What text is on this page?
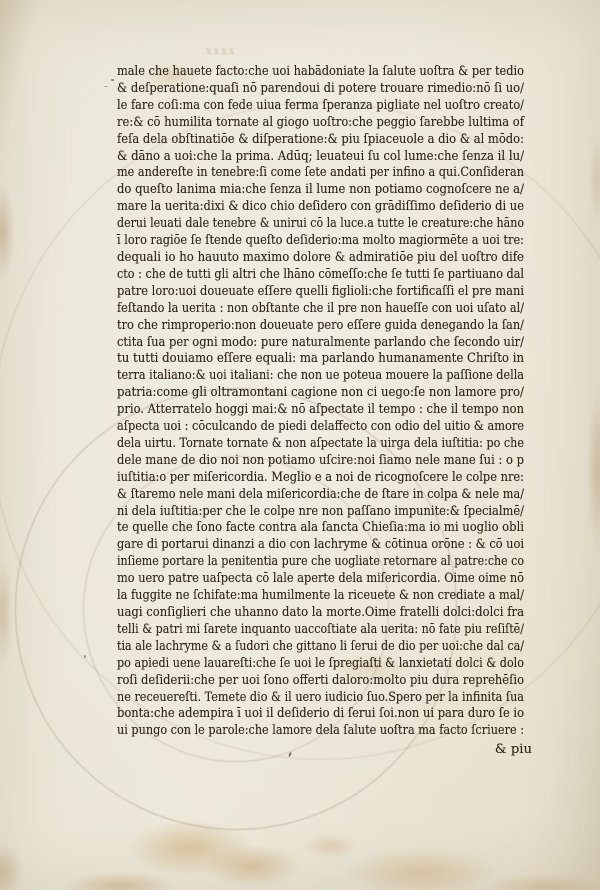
xxxx
male che hauete facto:che uoi habādoniate la ſalute uoſtra & per tedio
& deſperatione:quaſi nō parendoui di potere trouare rimedio:nō ſi uo/
le fare coſi:ma con fede uiua ferma ſperanza pigliate nel uoſtro creato/
re:& cō humilita tornate al giogo uoſtro:che peggio ſarebbe lultima of
feſa dela obſtinatiōe & diſperatione:& piu ſpiaceuole a dio & al mōdo:
& dāno a uoi:che la prima. Adūq; leuateui ſu col lume:che ſenza il lu/
me andereſte in tenebre:ſi come ſete andati per infino a qui.Conſideran
do queſto lanima mia:che ſenza il lume non potiamo cognoſcere ne a/
mare la uerita:dixi & dico chio deſidero con grādiſſimo deſiderio di ue
derui leuati dale tenebre & unirui cō la luce.a tutte le creature:che hāno
ī loro ragiōe ſe ſtende queſto deſiderio:ma molto magiormēte a uoi tre:
dequali io ho hauuto maximo dolore & admiratiōe piu del uoſtro dife
cto : che de tutti gli altri che lhāno cōmeſſo:che ſe tutti ſe partiuano dal
patre loro:uoi doueuate eſſere quelli figlioli:che fortificaſſi el pre mani
feſtando la uerita : non obſtante che il pre non haueſſe con uoi uſato al/
tro che rimproperio:non doueuate pero eſſere guida denegando la ſan/
ctita ſua per ogni modo: pure naturalmente parlando che ſecondo uir/
tu tutti douiamo eſſere equali: ma parlando humanamente Chriſto in
terra italiano:& uoi italiani: che non ue poteua mouere la paſſione della
patria:come gli oltramontani cagione non ci uego:ſe non lamore pro/
prio. Atterratelo hoggi mai:& nō aſpectate il tempo : che il tempo non
aſpecta uoi : cōculcando de piedi delaffecto con odio del uitio & amore
dela uirtu. Tornate tornate & non aſpectate la uirga dela iuſtitia: po che
dele mane de dio noi non potiamo uſcire:noi ſiamo nele mane ſui : o p
iuſtitia:o per miſericordia. Meglio e a noi de ricognoſcere le colpe nre:
& ſtaremo nele mani dela miſericordia:che de ſtare in colpa & nele ma/
ni dela iuſtitia:per che le colpe nre non paſſano impunite:& ſpecialmē/
te quelle che ſono facte contra ala ſancta Chieſia:ma io mi uoglio obli
gare di portarui dinanzi a dio con lachryme & cōtinua orōne : & cō uoi
inſieme portare la penitentia pure che uogliate retornare al patre:che co
mo uero patre uaſpecta cō lale aperte dela miſericordia. Oime oime nō
la fuggite ne ſchifate:ma humilmente la riceuete & non crediate a mal/
uagi conſiglieri che uhanno dato la morte.Oime fratelli dolci:dolci fra
telli & patri mi ſarete inquanto uaccoſtiate ala uerita: nō fate piu reſiſtē/
tia ale lachryme & a ſudori che gittano li ſerui de dio per uoi:che dal ca/
po apiedi uene lauareſti:che ſe uoi le ſpregiaſti & lanxietati dolci & dolo
roſi deſiderii:che per uoi ſono offerti daloro:molto piu dura reprehēſio
ne receuereſti. Temete dio & il uero iudicio ſuo.Spero per la infinita ſua
bonta:che adempira ī uoi il deſiderio di ſerui ſoi.non ui para duro ſe io
ui pungo con le parole:che lamore dela ſalute uoſtra ma facto ſcriuere :
& piu
